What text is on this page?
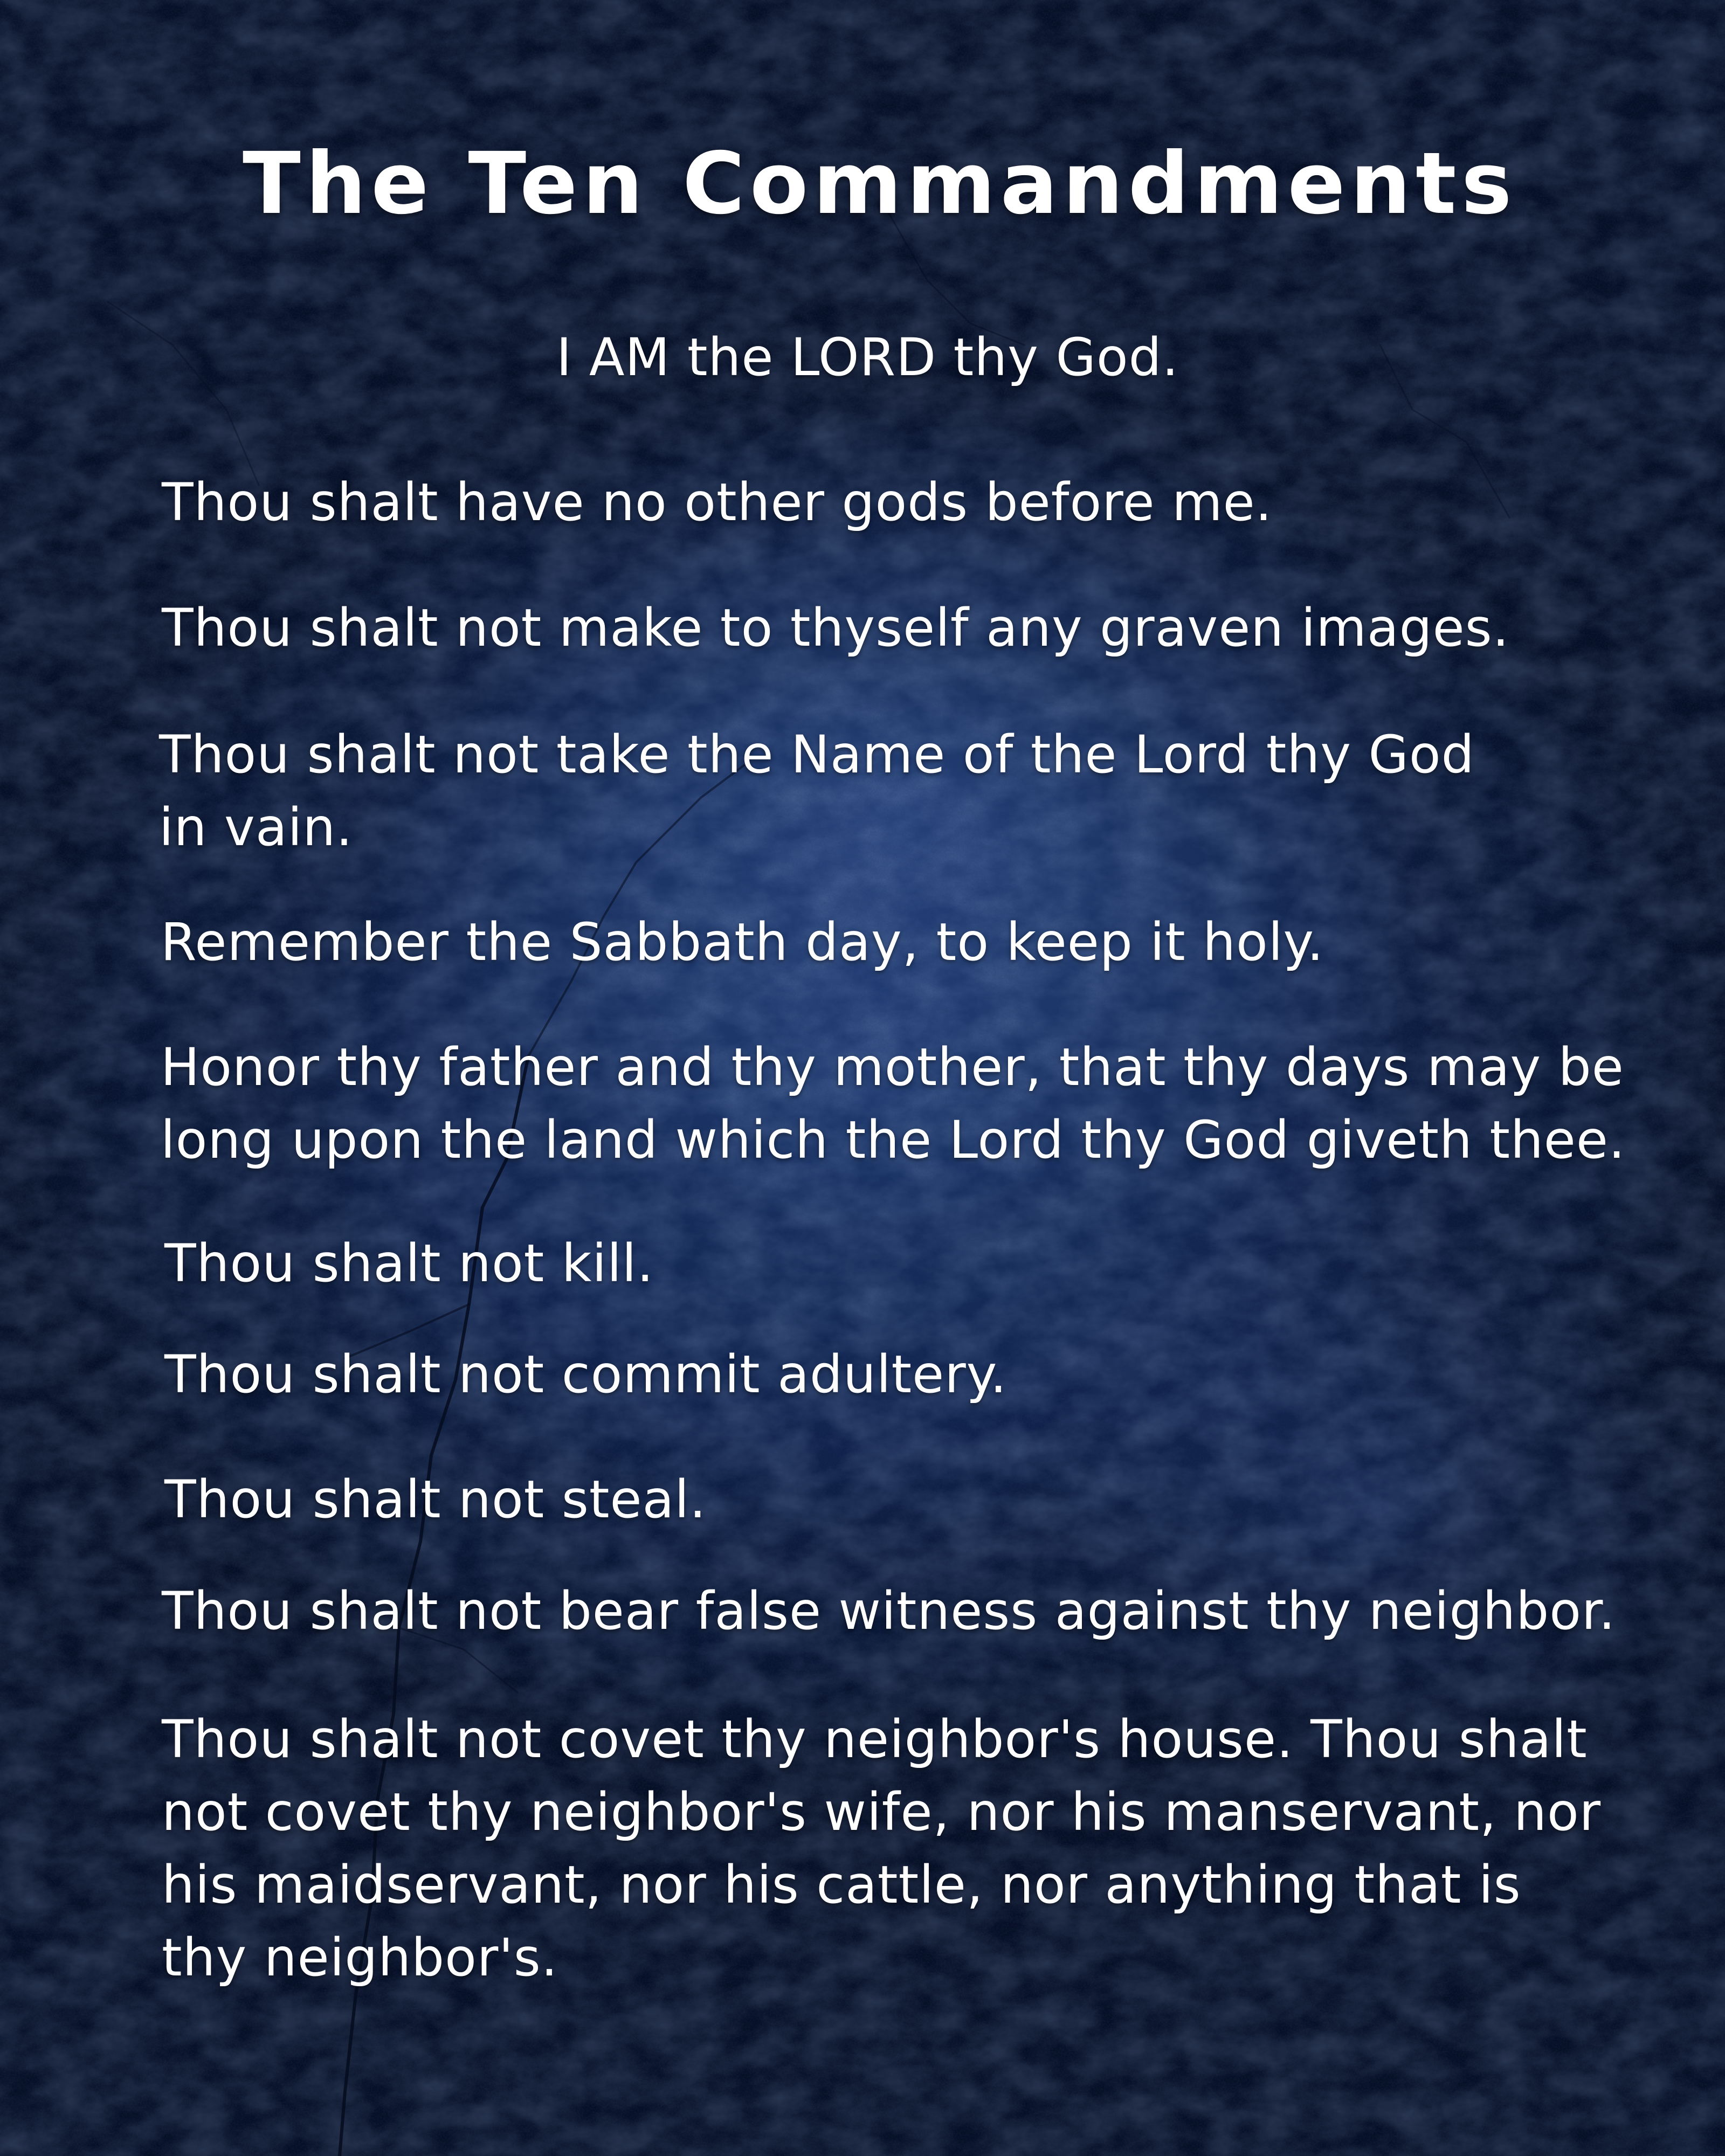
The Ten Commandments

I AM the LORD thy God.

Thou shalt have no other gods before me.

Thou shalt not make to thyself any graven images.

Thou shalt not take the Name of the Lord thy God

in vain.

Remember the Sabbath day, to keep it holy.

Honor thy father and thy mother, that thy days may be

long upon the land which the Lord thy God giveth thee.

Thou shalt not kill.

Thou shalt not commit adultery.

Thou shalt not steal.

Thou shalt not bear false witness against thy neighbor.

Thou shalt not covet thy neighbor's house. Thou shalt

not covet thy neighbor's wife, nor his manservant, nor

his maidservant, nor his cattle, nor anything that is

thy neighbor's.
